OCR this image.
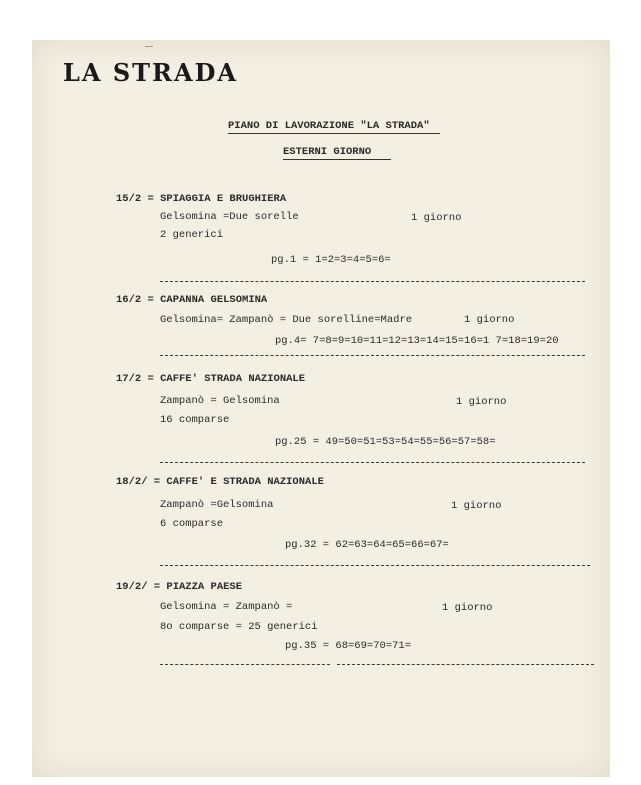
LA STRADA
PIANO DI LAVORAZIONE "LA STRADA"
ESTERNI GIORNO
15/2 = SPIAGGIA E BRUGHIERA
Gelsomina =Due sorelle	1 giorno
2 generici
pg.1 = 1=2=3=4=5=6=
16/2 = CAPANNA GELSOMINA
Gelsomina= Zampanò = Due sorelline=Madre	1 giorno
pg.4= 7=8=9=10=11=12=13=14=15=16=1 7=18=19=20
17/2 = CAFFE' STRADA NAZIONALE
Zampanò = Gelsomina	1 giorno
16 comparse
pg.25 = 49=50=51=53=54=55=56=57=58=
18/2/ = CAFFE' E STRADA NAZIONALE
Zampanò =Gelsomina	1 giorno
6 comparse
pg.32 = 62=63=64=65=66=67=
19/2/ = PIAZZA PAESE
Gelsomina = Zampanò =	1 giorno
8o comparse = 25 generici
pg.35 = 68=69=70=71=
